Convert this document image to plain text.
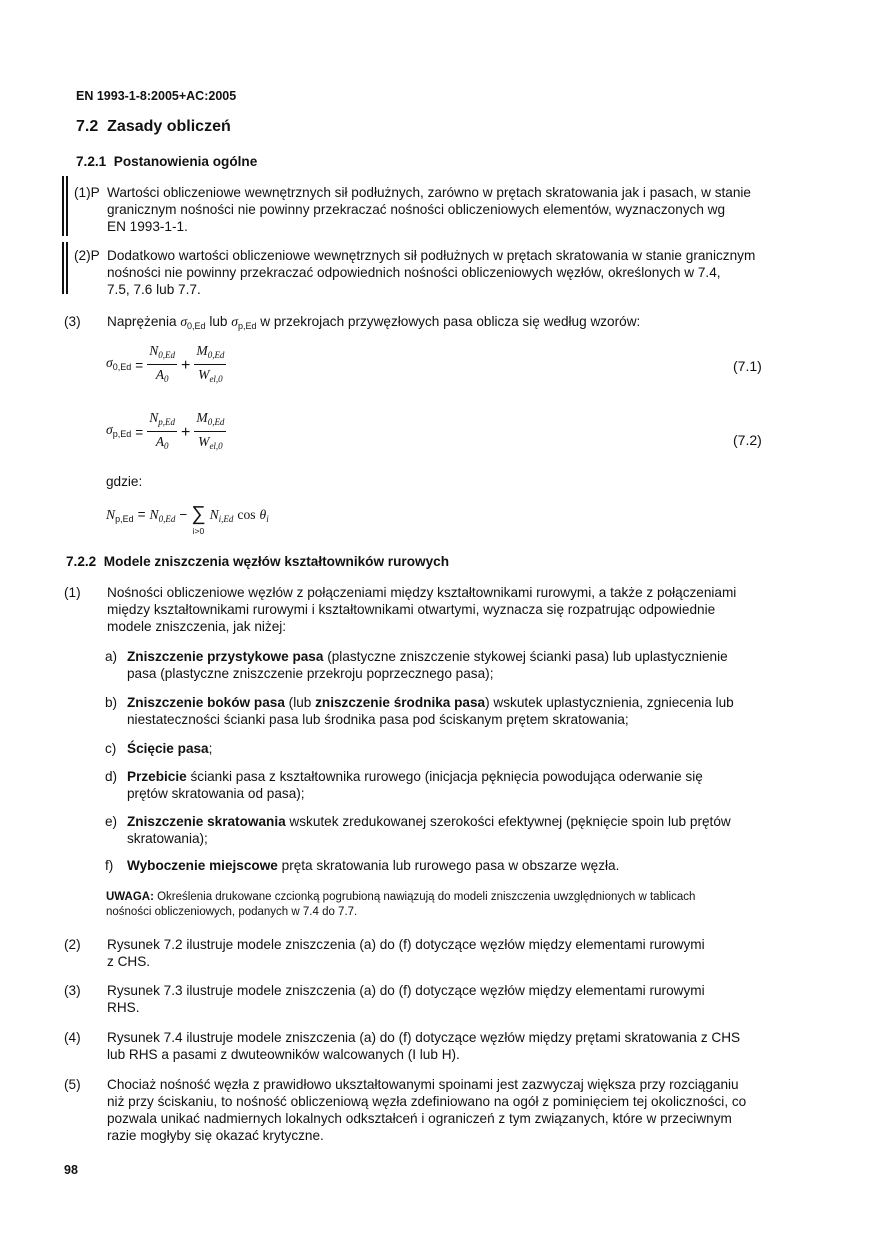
EN 1993-1-8:2005+AC:2005
7.2 Zasady obliczeń
7.2.1 Postanowienia ogólne
(1)P Wartości obliczeniowe wewnętrznych sił podłużnych, zarówno w prętach skratowania jak i pasach, w stanie
granicznym nośności nie powinny przekraczać nośności obliczeniowych elementów, wyznaczonych wg
EN 1993-1-1.
(2)P Dodatkowo wartości obliczeniowe wewnętrznych sił podłużnych w prętach skratowania w stanie granicznym
nośności nie powinny przekraczać odpowiednich nośności obliczeniowych węzłów, określonych w 7.4,
7.5, 7.6 lub 7.7.
(3) Naprężenia $\sigma_{0,Ed}$ lub $\sigma_{p,Ed}$ w przekrojach przywęzłowych pasa oblicza się według wzorów:
$\sigma_{0,Ed} = \frac{N_{0,Ed}}{A_0} + \frac{M_{0,Ed}}{W_{el,0}}$	(7.1)
$\sigma_{p,Ed} = \frac{N_{p,Ed}}{A_0} + \frac{M_{0,Ed}}{W_{el,0}}$	(7.2)
gdzie:
$N_{p,Ed} = N_{0,Ed}$ − ∑
i>0
$N_{i,Ed}$ $\cos \theta_i$
7.2.2 Modele zniszczenia węzłów kształtowników rurowych
(1) Nośności obliczeniowe węzłów z połączeniami między kształtownikami rurowymi, a także z połączeniami
między kształtownikami rurowymi i kształtownikami otwartymi, wyznacza się rozpatrując odpowiednie
modele zniszczenia, jak niżej:
a) Zniszczenie przystykowe pasa (plastyczne zniszczenie stykowej ścianki pasa) lub uplastycznienie
pasa (plastyczne zniszczenie przekroju poprzecznego pasa);
b) Zniszczenie boków pasa (lub zniszczenie środnika pasa) wskutek uplastycznienia, zgniecenia lub
niestateczności ścianki pasa lub środnika pasa pod ściskanym prętem skratowania;
c) Ścięcie pasa;
d) Przebicie ścianki pasa z kształtownika rurowego (inicjacja pęknięcia powodująca oderwanie się
prętów skratowania od pasa);
e) Zniszczenie skratowania wskutek zredukowanej szerokości efektywnej (pęknięcie spoin lub prętów
skratowania);
f) Wyboczenie miejscowe pręta skratowania lub rurowego pasa w obszarze węzła.
UWAGA: Określenia drukowane czcionką pogrubioną nawiązują do modeli zniszczenia uwzględnionych w tablicach
nośności obliczeniowych, podanych w 7.4 do 7.7.
(2) Rysunek 7.2 ilustruje modele zniszczenia (a) do (f) dotyczące węzłów między elementami rurowymi
z CHS.
(3) Rysunek 7.3 ilustruje modele zniszczenia (a) do (f) dotyczące węzłów między elementami rurowymi
RHS.
(4) Rysunek 7.4 ilustruje modele zniszczenia (a) do (f) dotyczące węzłów między prętami skratowania z CHS
lub RHS a pasami z dwuteowników walcowanych (I lub H).
(5) Chociaż nośność węzła z prawidłowo ukształtowanymi spoinami jest zazwyczaj większa przy rozciąganiu
niż przy ściskaniu, to nośność obliczeniową węzła zdefiniowano na ogół z pominięciem tej okoliczności, co
pozwala unikać nadmiernych lokalnych odkształceń i ograniczeń z tym związanych, które w przeciwnym
razie mogłyby się okazać krytyczne.
98
